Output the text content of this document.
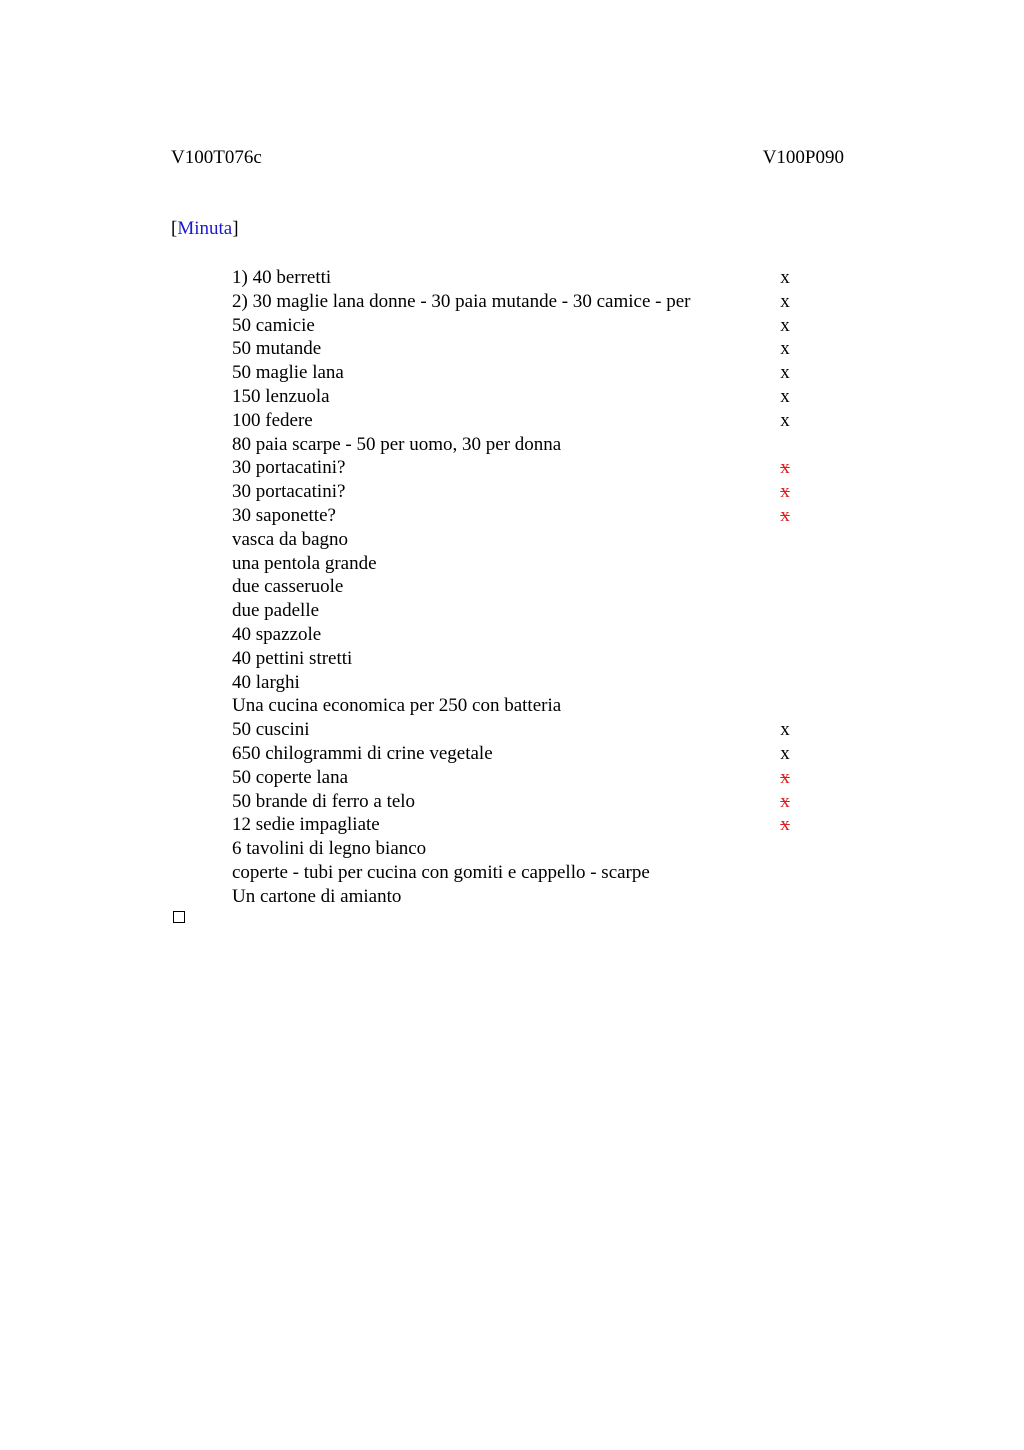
V100T076c	V100P090
[Minuta]
1) 40 berretti	x
2) 30 maglie lana donne - 30 paia mutande - 30 camice - per	x
50 camicie	x
50 mutande	x
50 maglie lana	x
150 lenzuola	x
100 federe	x
80 paia scarpe - 50 per uomo, 30 per donna
30 portacatini?	x
30 portacatini?	x
30 saponette?	x
vasca da bagno
una pentola grande
due casseruole
due padelle
40 spazzole
40 pettini stretti
40 larghi
Una cucina economica per 250 con batteria
50 cuscini	x
650 chilogrammi di crine vegetale	x
50 coperte lana	x
50 brande di ferro a telo	x
12 sedie impagliate	x
6 tavolini di legno bianco
coperte - tubi per cucina con gomiti e cappello - scarpe
Un cartone di amianto
